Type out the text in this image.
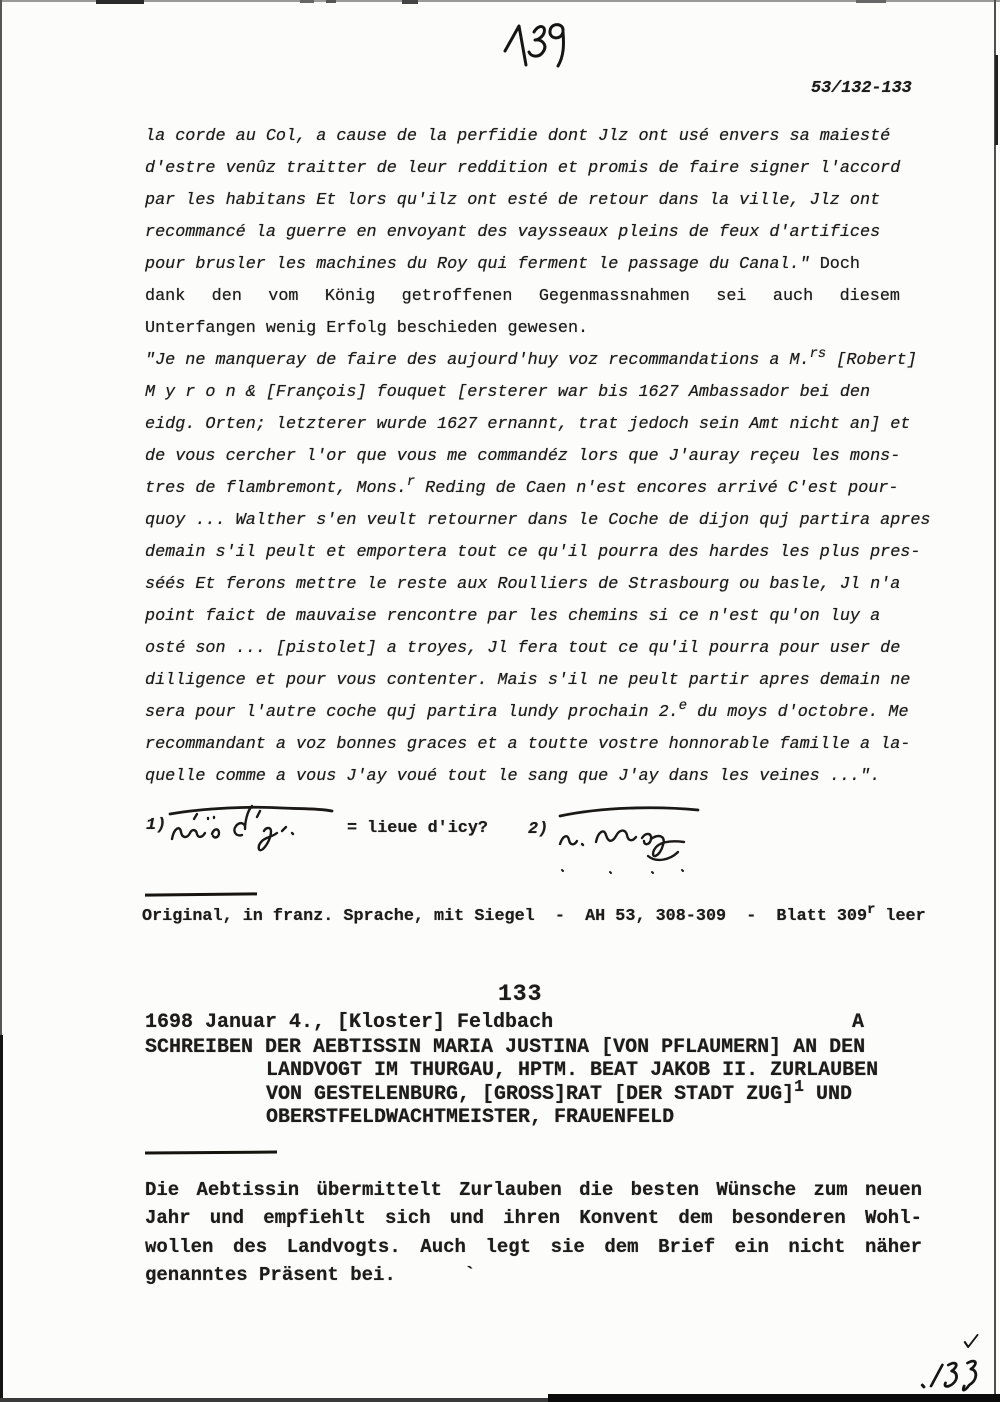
53/132-133
la corde au Col, a cause de la perfidie dont Jlz ont usé envers sa maiesté
d'estre venûz traitter de leur reddition et promis de faire signer l'accord
par les habitans Et lors qu'ilz ont esté de retour dans la ville, Jlz ont
recommancé la guerre en envoyant des vaysseaux pleins de feux d'artifices
pour brusler les machines du Roy qui ferment le passage du Canal." Doch
dank den vom König getroffenen Gegenmassnahmen sei auch diesem
Unterfangen wenig Erfolg beschieden gewesen.
"Je ne manqueray de faire des aujourd'huy voz recommandations a M.$^{rs}$ [Robert]
M y r o n & [François] fouquet [ersterer war bis 1627 Ambassador bei den
eidg. Orten; letzterer wurde 1627 ernannt, trat jedoch sein Amt nicht an] et
de vous cercher l'or que vous me commandéz lors que J'auray reçeu les mons-
tres de flambremont, Mons.$^r$ Reding de Caen n'est encores arrivé C'est pour-
quoy ... Walther s'en veult retourner dans le Coche de dijon quj partira apres
demain s'il peult et emportera tout ce qu'il pourra des hardes les plus pres-
séés Et ferons mettre le reste aux Roulliers de Strasbourg ou basle, Jl n'a
point faict de mauvaise rencontre par les chemins si ce n'est qu'on luy a
osté son ... [pistolet] a troyes, Jl fera tout ce qu'il pourra pour user de
dilligence et pour vous contenter. Mais s'il ne peult partir apres demain ne
sera pour l'autre coche quj partira lundy prochain 2.$^e$ du moys d'octobre. Me
recommandant a voz bonnes graces et a toutte vostre honnorable famille a la-
quelle comme a vous J'ay voué tout le sang que J'ay dans les veines ...".
1)	= lieue d'icy? 2)
Original, in franz. Sprache, mit Siegel  -  AH 53, 308-309  -  Blatt 309$^r$ leer
133
1698 Januar 4., [Kloster] Feldbach	A
SCHREIBEN DER AEBTISSIN MARIA JUSTINA [VON PFLAUMERN] AN DEN
LANDVOGT IM THURGAU, HPTM. BEAT JAKOB II. ZURLAUBEN
VON GESTELENBURG, [GROSS]RAT [DER STADT ZUG]$^1$ UND
OBERSTFELDWACHTMEISTER, FRAUENFELD
Die Aebtissin übermittelt Zurlauben die besten Wünsche zum neuen
Jahr und empfiehlt sich und ihren Konvent dem besonderen Wohl-
wollen des Landvogts. Auch legt sie dem Brief ein nicht näher
genanntes Präsent bei.      `
